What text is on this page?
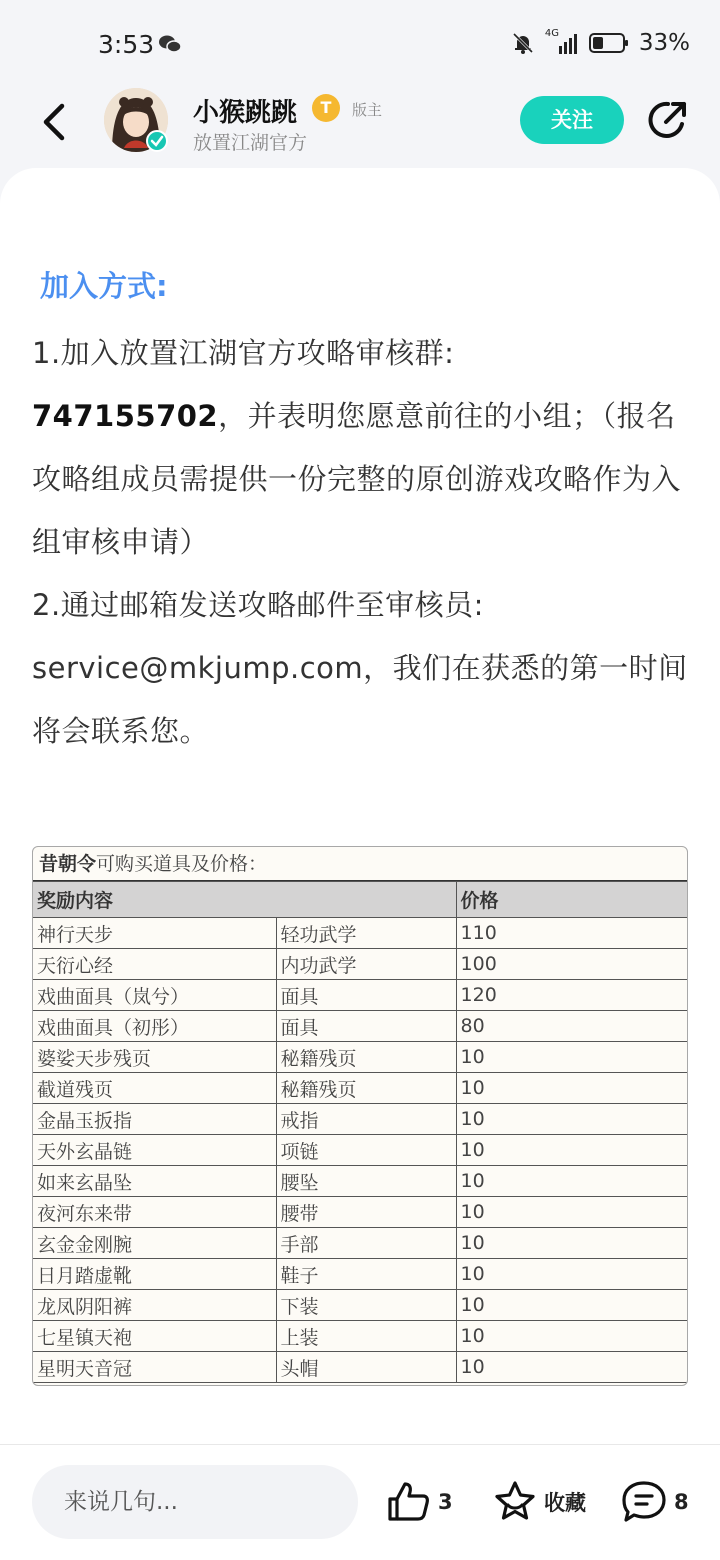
3:53	4G	33%
小猴跳跳	T	版主
放置江湖官方
关注
加入方式:
1.加入放置江湖官方攻略审核群:
747155702，并表明您愿意前往的小组；（报名攻略组成员需提供一份完整的原创游戏攻略作为入组审核申请）
2.通过邮箱发送攻略邮件至审核员:
service@mkjump.com，我们在获悉的第一时间将会联系您。
昔朝令可购买道具及价格：
奖励内容		价格
神行天步	轻功武学	110
天衍心经	内功武学	100
戏曲面具（岚兮）	面具	120
戏曲面具（初彤）	面具	80
婆娑天步残页	秘籍残页	10
截道残页	秘籍残页	10
金晶玉扳指	戒指	10
天外玄晶链	项链	10
如来玄晶坠	腰坠	10
夜河东来带	腰带	10
玄金金刚腕	手部	10
日月踏虚靴	鞋子	10
龙凤阴阳裤	下装	10
七星镇天袍	上装	10
星明天音冠	头帽	10
来说几句...
3	收藏	8
